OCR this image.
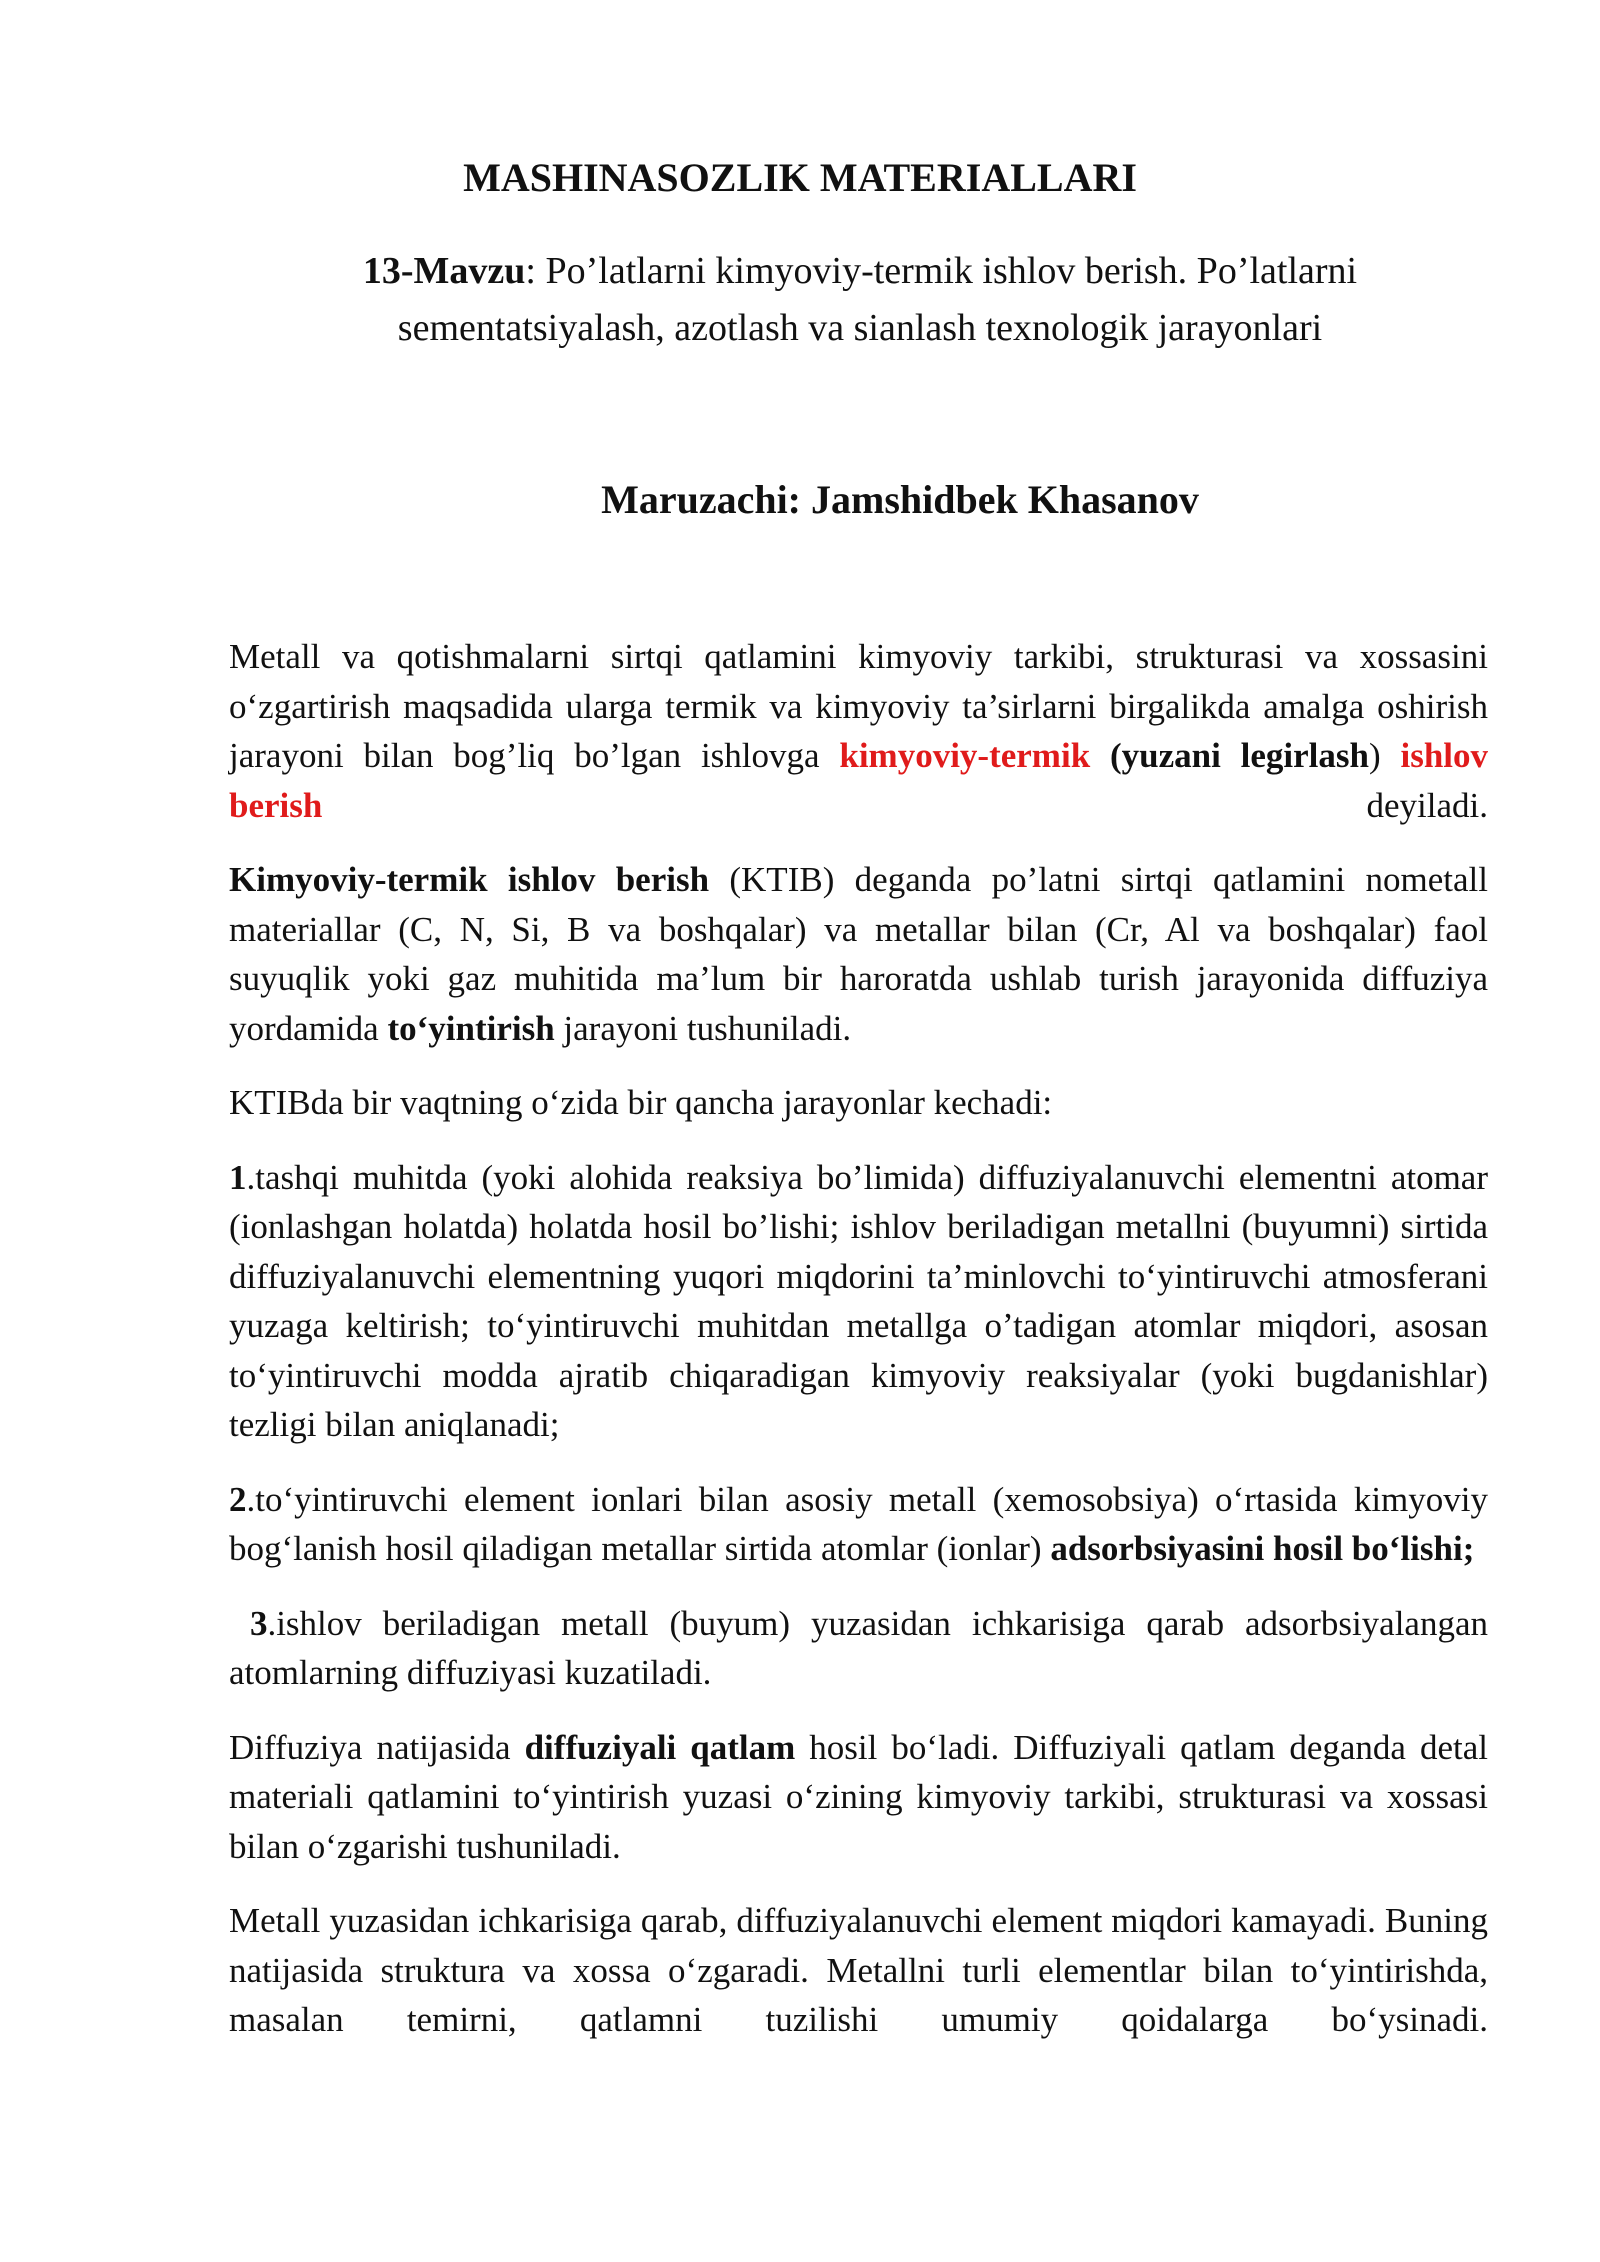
MASHINASOZLIK MATERIALLARI

13-Mavzu: Po’latlarni kimyoviy-termik ishlov berish. Po’latlarni sementatsiyalash, azotlash va sianlash texnologik jarayonlari

Maruzachi: Jamshidbek Khasanov

Metall va qotishmalarni sirtqi qatlamini kimyoviy tarkibi, strukturasi va xossasini o‘zgartirish maqsadida ularga termik va kimyoviy ta’sirlarni birgalikda amalga oshirish jarayoni bilan bog’liq bo’lgan ishlovga kimyoviy-termik (yuzani legirlash) ishlov berish deyiladi.

Kimyoviy-termik ishlov berish (KTIB) deganda po’latni sirtqi qatlamini nometall materiallar (C, N, Si, B va boshqalar) va metallar bilan (Cr, Al va boshqalar) faol suyuqlik yoki gaz muhitida ma’lum bir haroratda ushlab turish jarayonida diffuziya yordamida to‘yintirish jarayoni tushuniladi.

KTIBda bir vaqtning o‘zida bir qancha jarayonlar kechadi:

1.tashqi muhitda (yoki alohida reaksiya bo’limida) diffuziyalanuvchi elementni atomar (ionlashgan holatda) holatda hosil bo’lishi; ishlov beriladigan metallni (buyumni) sirtida diffuziyalanuvchi elementning yuqori miqdorini ta’minlovchi to‘yintiruvchi atmosferani yuzaga keltirish; to‘yintiruvchi muhitdan metallga o’tadigan atomlar miqdori, asosan to‘yintiruvchi modda ajratib chiqaradigan kimyoviy reaksiyalar (yoki bugdanishlar) tezligi bilan aniqlanadi;

2.to‘yintiruvchi element ionlari bilan asosiy metall (xemosobsiya) o‘rtasida kimyoviy bog‘lanish hosil qiladigan metallar sirtida atomlar (ionlar) adsorbsiyasini hosil bo‘lishi;

3.ishlov beriladigan metall (buyum) yuzasidan ichkarisiga qarab adsorbsiyalangan atomlarning diffuziyasi kuzatiladi.

Diffuziya natijasida diffuziyali qatlam hosil bo‘ladi. Diffuziyali qatlam deganda detal materiali qatlamini to‘yintirish yuzasi o‘zining kimyoviy tarkibi, strukturasi va xossasi bilan o‘zgarishi tushuniladi.

Metall yuzasidan ichkarisiga qarab, diffuziyalanuvchi element miqdori kamayadi. Buning natijasida struktura va xossa o‘zgaradi. Metallni turli elementlar bilan to‘yintirishda, masalan temirni, qatlamni tuzilishi umumiy qoidalarga bo‘ysinadi.
